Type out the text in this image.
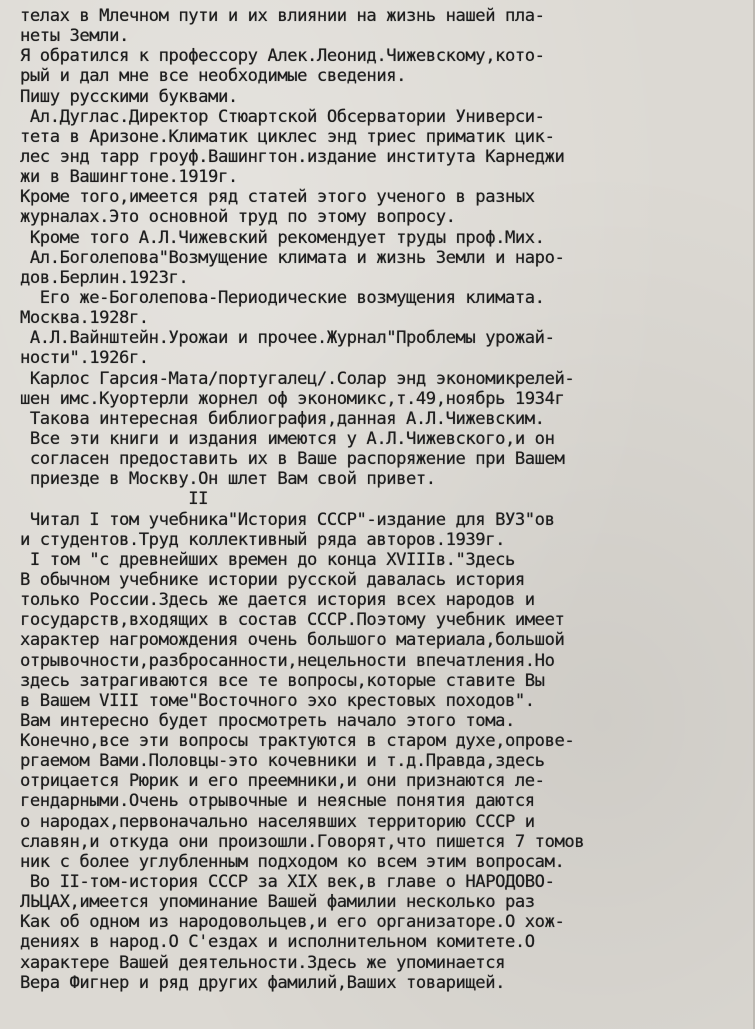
телах в Млечном пути и их влиянии на жизнь нашей пла-
неты Земли.
Я обратился к профессору Алек.Леонид.Чижевскому,кото-
рый и дал мне все необходимые сведения.
Пишу русскими буквами.
Ал.Дуглас.Директор Стюартской Обсерватории Универси-
тета в Аризоне.Климатик циклес энд триес приматик цик-
лес энд тарр гроуф.Вашингтон.издание института Карнеджи
жи в Вашингтоне.1919г.
Кроме того,имеется ряд статей этого ученого в разных
журналах.Это основной труд по этому вопросу.
Кроме того А.Л.Чижевский рекомендует труды проф.Мих.
Ал.Боголепова"Возмущение климата и жизнь Земли и наро-
дов.Берлин.1923г.
Его же-Боголепова-Периодические возмущения климата.
Москва.1928г.
А.Л.Вайнштейн.Урожаи и прочее.Журнал"Проблемы урожай-
ности".1926г.
Карлос Гарсия-Мата/португалец/.Солар энд экономикрелей-
шен имс.Куортерли жорнел оф экономикс,т.49,ноябрь 1934г
Такова интересная библиография,данная А.Л.Чижевским.
Все эти книги и издания имеются у А.Л.Чижевского,и он
согласен предоставить их в Ваше распоряжение при Вашем
приезде в Москву.Он шлет Вам свой привет.
II
Читал I том учебника"История СССР"-издание для ВУЗ"ов
и студентов.Труд коллективный ряда авторов.1939г.
I том "с древнейших времен до конца XVIIIв."Здесь
В обычном учебнике истории русской давалась история
только России.Здесь же дается история всех народов и
государств,входящих в состав СССР.Поэтому учебник имеет
характер нагромождения очень большого материала,большой
отрывочности,разбросанности,нецельности впечатления.Но
здесь затрагиваются все те вопросы,которые ставите Вы
в Вашем VIII томе"Восточного эхо крестовых походов".
Вам интересно будет просмотреть начало этого тома.
Конечно,все эти вопросы трактуются в старом духе,опрове-
ргаемом Вами.Половцы-это кочевники и т.д.Правда,здесь
отрицается Рюрик и его преемники,и они признаются ле-
гендарными.Очень отрывочные и неясные понятия даются
о народах,первоначально населявших территорию СССР и
славян,и откуда они произошли.Говорят,что пишется 7 томов
ник с более углубленным подходом ко всем этим вопросам.
Во II-том-история СССР за XIX век,в главе о НАРОДОВО-
ЛЬЦАХ,имеется упоминание Вашей фамилии несколько раз
Как об одном из народовольцев,и его организаторе.О хож-
дениях в народ.О С'ездах и исполнительном комитете.О
характере Вашей деятельности.Здесь же упоминается
Вера Фигнер и ряд других фамилий,Ваших товарищей.
